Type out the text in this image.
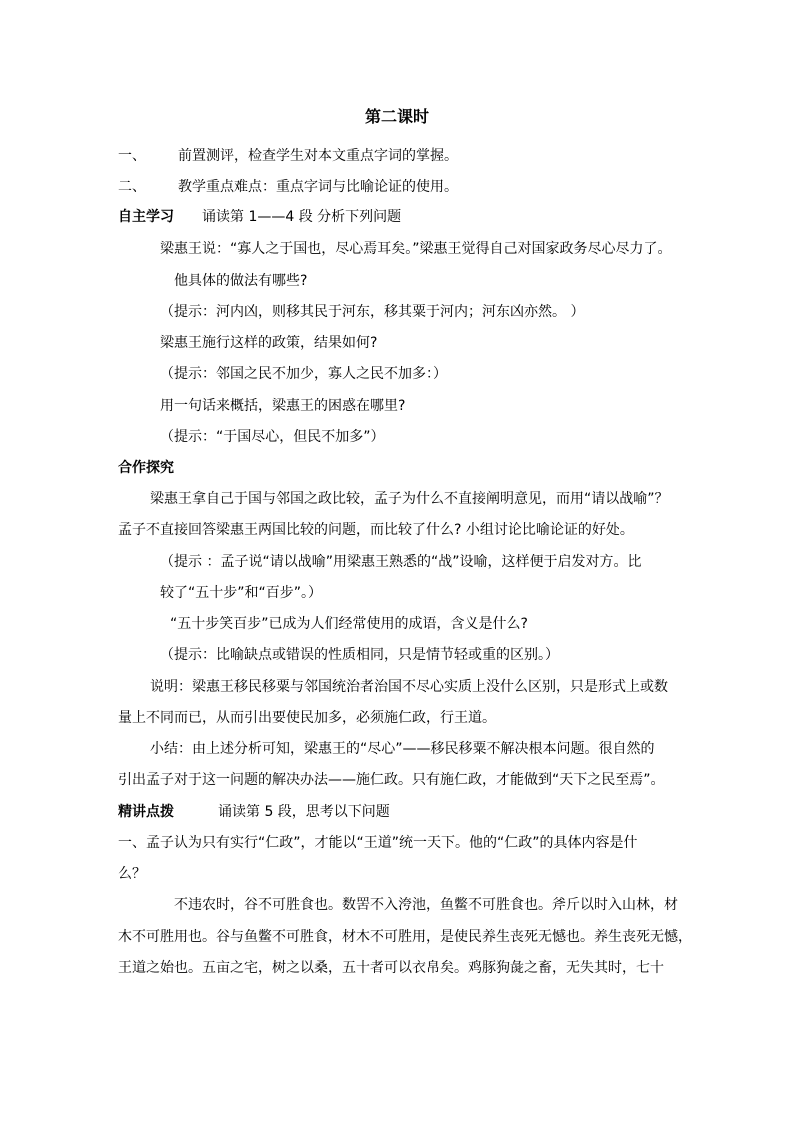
第二课时
一、 前置测评，检查学生对本文重点字词的掌握。
二、 教学重点难点：重点字词与比喻论证的使用。
自主学习 诵读第 1——4 段 分析下列问题
梁惠王说：“寡人之于国也，尽心焉耳矣。”梁惠王觉得自己对国家政务尽心尽力了。
他具体的做法有哪些?
（提示：河内凶，则移其民于河东，移其粟于河内；河东凶亦然。 ）
梁惠王施行这样的政策，结果如何?
（提示：邻国之民不加少，寡人之民不加多：）
用一句话来概括，梁惠王的困惑在哪里?
（提示：“于国尽心，但民不加多”）
合作探究
梁惠王拿自己于国与邻国之政比较，孟子为什么不直接阐明意见，而用“请以战喻”？
孟子不直接回答梁惠王两国比较的问题，而比较了什么? 小组讨论比喻论证的好处。
（提示 ：孟子说“请以战喻”用梁惠王熟悉的“战”设喻，这样便于启发对方。比
较了“五十步”和“百步”。）
“五十步笑百步”已成为人们经常使用的成语，含义是什么?
（提示：比喻缺点或错误的性质相同，只是情节轻或重的区别。）
说明：梁惠王移民移粟与邻国统治者治国不尽心实质上没什么区别，只是形式上或数
量上不同而已，从而引出要使民加多，必须施仁政，行王道。
小结：由上述分析可知，梁惠王的“尽心”——移民移粟不解决根本问题。很自然的
引出孟子对于这一问题的解决办法——施仁政。只有施仁政，才能做到“天下之民至焉”。
精讲点拨	诵读第 5 段，思考以下问题
一、孟子认为只有实行“仁政”，才能以“王道”统一天下。他的“仁政”的具体内容是什
么？
不违农时，谷不可胜食也。数罟不入洿池，鱼鳖不可胜食也。斧斤以时入山林，材
木不可胜用也。谷与鱼鳖不可胜食，材木不可胜用，是使民养生丧死无憾也。养生丧死无憾，
王道之始也。五亩之宅，树之以桑，五十者可以衣帛矣。鸡豚狗彘之畜，无失其时，七十
